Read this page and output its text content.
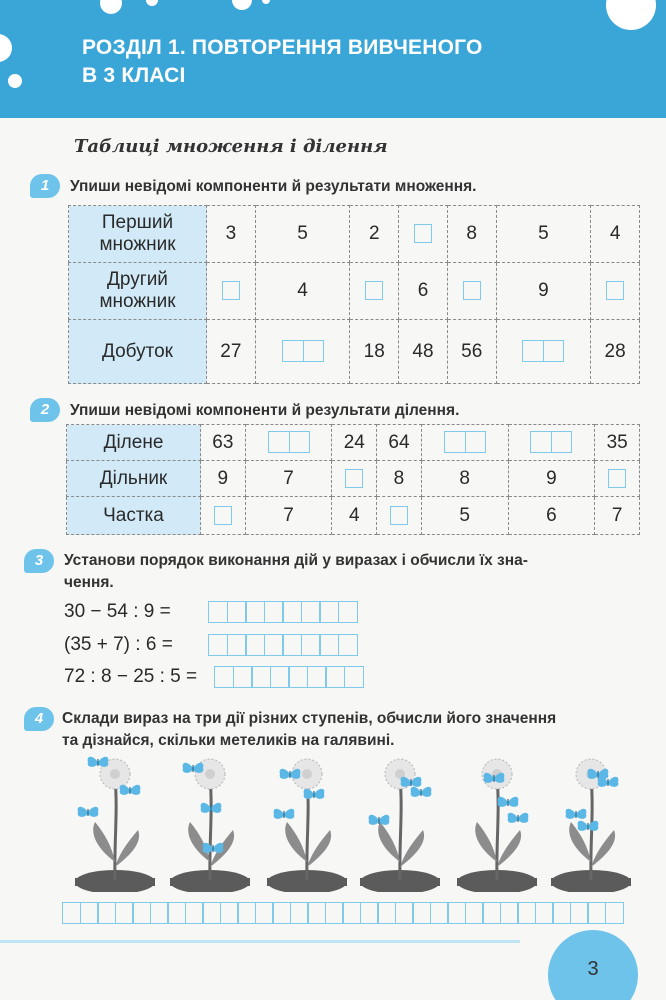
РОЗДІЛ 1. ПОВТОРЕННЯ ВИВЧЕНОГО
В 3 КЛАСІ
Таблиці множення і ділення
1	Упиши невідомі компоненти й результати множення.
Перший
множник	3	5	2		8	5	4

Другий
множник		4		6		9	
Добуток	27		18	48	56		28
2	Упиши невідомі компоненти й результати ділення.
Ділене	63		24	64			35
Дільник	9	7		8	8	9	
Частка		7	4		5	6	7
3	Установи порядок виконання дій у виразах і обчисли їх зна-
чення.
30 − 54 : 9 =
(35 + 7) : 6 =
72 : 8 − 25 : 5 =
4	Склади вираз на три дії різних ступенів, обчисли його значення
та дізнайся, скільки метеликів на галявині.
3
